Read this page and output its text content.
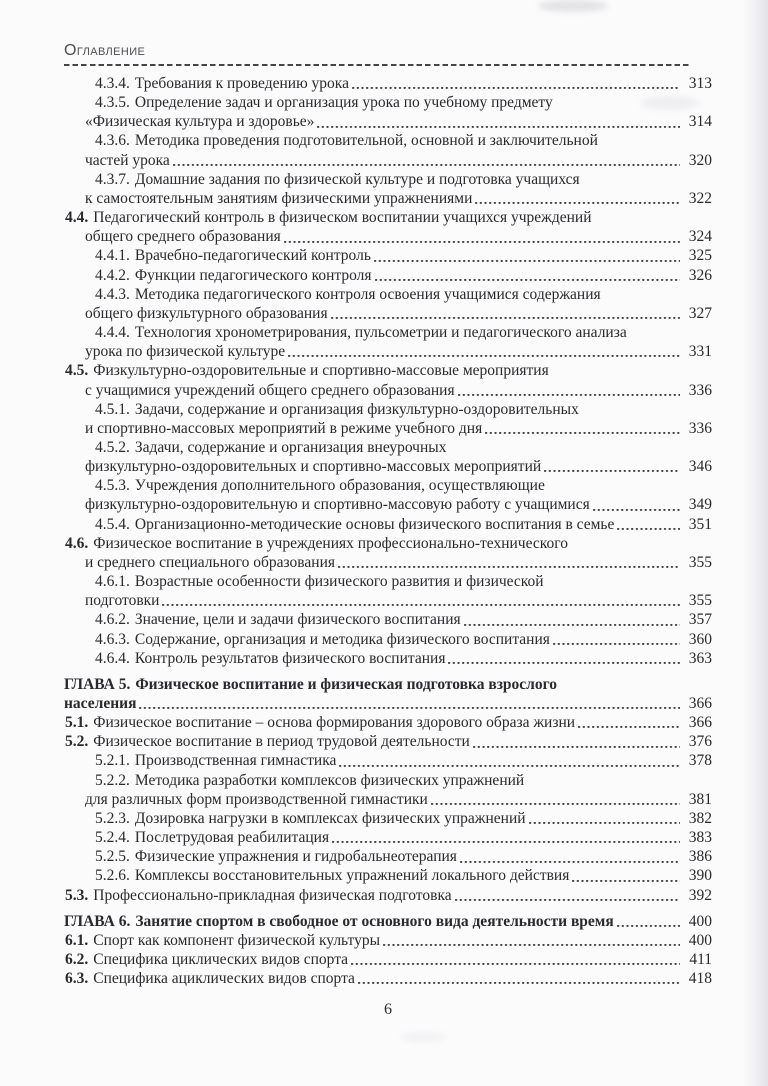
Оглавление
4.3.4. Требования к проведению урока	313
4.3.5. Определение задач и организация урока по учебному предмету
«Физическая культура и здоровье»	314
4.3.6. Методика проведения подготовительной, основной и заключительной
частей урока	320
4.3.7. Домашние задания по физической культуре и подготовка учащихся
к самостоятельным занятиям физическими упражнениями	322
4.4. Педагогический контроль в физическом воспитании учащихся учреждений
общего среднего образования	324
4.4.1. Врачебно-педагогический контроль	325
4.4.2. Функции педагогического контроля	326
4.4.3. Методика педагогического контроля освоения учащимися содержания
общего физкультурного образования	327
4.4.4. Технология хронометрирования, пульсометрии и педагогического анализа
урока по физической культуре	331
4.5. Физкультурно-оздоровительные и спортивно-массовые мероприятия
с учащимися учреждений общего среднего образования	336
4.5.1. Задачи, содержание и организация физкультурно-оздоровительных
и спортивно-массовых мероприятий в режиме учебного дня	336
4.5.2. Задачи, содержание и организация внеурочных
физкультурно-оздоровительных и спортивно-массовых мероприятий	346
4.5.3. Учреждения дополнительного образования, осуществляющие
физкультурно-оздоровительную и спортивно-массовую работу с учащимися	349
4.5.4. Организационно-методические основы физического воспитания в семье	351
4.6. Физическое воспитание в учреждениях профессионально-технического
и среднего специального образования	355
4.6.1. Возрастные особенности физического развития и физической
подготовки	355
4.6.2. Значение, цели и задачи физического воспитания	357
4.6.3. Содержание, организация и методика физического воспитания	360
4.6.4. Контроль результатов физического воспитания	363
ГЛАВА 5. Физическое воспитание и физическая подготовка взрослого
населения	366
5.1. Физическое воспитание – основа формирования здорового образа жизни	366
5.2. Физическое воспитание в период трудовой деятельности	376
5.2.1. Производственная гимнастика	378
5.2.2. Методика разработки комплексов физических упражнений
для различных форм производственной гимнастики	381
5.2.3. Дозировка нагрузки в комплексах физических упражнений	382
5.2.4. Послетрудовая реабилитация	383
5.2.5. Физические упражнения и гидробальнеотерапия	386
5.2.6. Комплексы восстановительных упражнений локального действия	390
5.3. Профессионально-прикладная физическая подготовка	392
ГЛАВА 6. Занятие спортом в свободное от основного вида деятельности время	400
6.1. Спорт как компонент физической культуры	400
6.2. Специфика циклических видов спорта	411
6.3. Специфика ациклических видов спорта	418
6
